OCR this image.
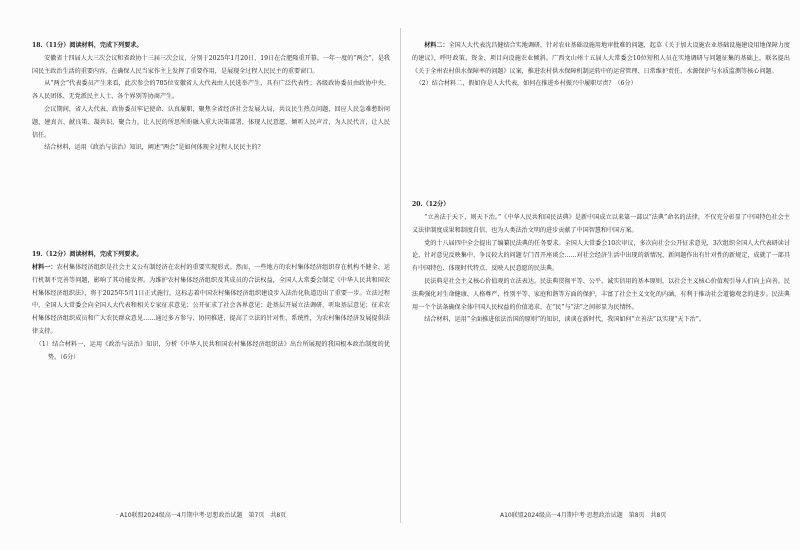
18.（11分）阅读材料，完成下列要求。

安徽省十四届人大三次会议和省政协十三届三次会议，分别于2025年1月20日、19日在合肥隆重开幕。一年一度的“两会”，是我国民主政治生活的重要内容，在确保人民当家作主上发挥了重要作用，是展现全过程人民民主的重要窗口。

从“两会”代表委员产生来看，此次参会的705位安徽省人大代表由人民选举产生，具有广泛代表性；各级政协委员由政协中央、各人民团体、无党派民主人士、各个界别等协商产生。

会议期间，省人大代表、政协委员牢记使命、认真履职，聚焦全省经济社会发展大局，共议民生热点问题，回应人民急难愁盼问题，建真言、献良策、凝共识、聚合力，让人民的所思所盼融入重大决策部署，体现人民意愿、倾听人民声音，为人民代言，让人民信任。

结合材料，运用《政治与法治》知识，阐述“两会”是如何体现全过程人民民主的？

19.（12分）阅读材料，完成下列要求。

材料一：农村集体经济组织是社会主义公有制经济在农村的重要实现形式。然而，一些地方的农村集体经济组织存在机构不健全、运行机制不完善等问题，影响了其功能发挥。为维护农村集体经济组织及其成员的合法权益，全国人大常委会制定《中华人民共和国农村集体经济组织法》，将于2025年5月1日正式施行，这标志着中国农村集体经济组织建设步入法治化轨道迈出了重要一步。立法过程中，全国人大常委会向全国人大代表和相关专家征求意见；公开征求了社会各界意见；赴基层开展立法调研，听取基层意见；征求农村集体经济组织成员和广大农民群众意见……通过多方参与、协同推进，提高了立法的针对性、系统性，为农村集体经济发展提供法律支持。

（1）结合材料一，运用《政治与法治》知识，分析《中华人民共和国农村集体经济组织法》出台所展现的我国根本政治制度的优势。（6分）

材料二：全国人大代表沈昌健结合实地调研，针对农业基础设施用地审批难的问题，起草《关于加大设施农业基础设施建设用地保障力度的建议》，呼吁政策、资金、项目向设施农业倾斜。广西文山州十五届人大常委会10位短租人员在实地调研与问题征集的基础上，联名提出《关于全州农村供水保障率的问题》议案，推进农村供水保障机制运转中的运营管理、日常维护责任、水源保护与水质监测等核心问题。

（2）结合材料二，假如你是人大代表，如何在推进乡村振兴中履职尽责？（6分）

20.（12分）

“立善法于天下，则天下治。”《中华人民共和国民法典》是新中国成立以来第一部以“法典”命名的法律，不仅充分彰显了中国特色社会主义法律制度成果和制度自信，也为人类法治文明的进步贡献了中国智慧和中国方案。

党的十八届四中全会提出了编纂民法典的任务要求。全国人大常委会10次审议，多次向社会公开征求意见，3次组织全国人大代表研读讨论，针对意见反映集中、争议较大的问题专门召开座谈会……对社会经济生活中出现的新情况、新问题作出有针对性的新规定，成就了一部具有中国特色、体现时代特点、反映人民意愿的民法典。

民法典是社会主义核心价值观的立法表达。民法典贯彻平等、公平、诚实信用的基本原则，以社会主义核心价值观引导人们向上向善。民法典强化对生命健康、人格尊严、性别平等、家庭和谐等方面的保护，丰富了社会主义文化的内涵，有利于推动社会道德观念的进步。民法典用一个个法条确保全体中国人民权益的价值追求，在“民”与“法”之间彰显为民情怀。

结合材料，运用“全面推进依法治国的原则”的知识，谈谈在新时代，我国如何“立善法”以实现“天下治”。

· A10联盟2024级高一4月期中考·思想政治试题　第7页　共8页	A10联盟2024级高一4月期中考·思想政治试题　第8页　共8页
